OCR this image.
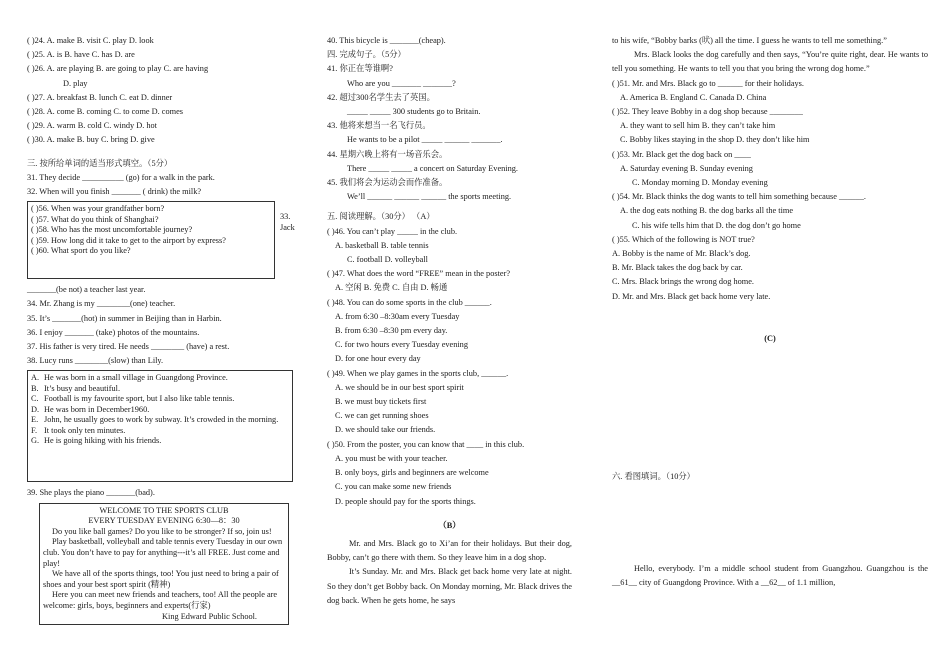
( )24. A. make B. visit C. play D. look
( )25. A. is B. have C. has D. are
( )26. A. are playing B. are going to play C. are having
D. play
( )27. A. breakfast B. lunch C. eat D. dinner
( )28. A. come B. coming C. to come D. comes
( )29. A. warm B. cold C. windy D. hot
( )30. A. make B. buy C. bring D. give
三. 按所给单词的适当形式填空。（5分）
31. They decide __________ (go) for a walk in the park.
32. When will you finish _______ ( drink) the milk?
( )56. When was your grandfather born?
( )57. What do you think of Shanghai?
( )58. Who has the most uncomfortable journey?
( )59. How long did it take to get to the airport by express?
( )60. What sport do you like?
_______(be not) a teacher last year.
34. Mr. Zhang is my ________(one) teacher.
35. It’s _______(hot) in summer in Beijing than in Harbin.
36. I enjoy _______ (take) photos of the mountains.
37. His father is very tired. He needs ________ (have) a rest.
38. Lucy runs ________(slow) than Lily.
A. He was born in a small village in Guangdong Province.
B. It’s busy and beautiful.
C. Football is my favourite sport, but I also like table tennis.
D. He was born in December1960.
E. John, he usually goes to work by subway. It’s crowded in the morning.
F. It took only ten minutes.
G. He is going hiking with his friends.
39. She plays the piano _______(bad).

WELCOME TO THE SPORTS CLUB

EVERY TUESDAY EVENING 6:30—8：30

Do you like ball games? Do you like to be stronger? If so, join us!

Play basketball, volleyball and table tennis every Tuesday in our own club. You don’t have to pay for anything---it’s all FREE. Just come and play!

We have all of the sports things, too! You just need to bring a pair of shoes and your best sport spirit (精神)

Here you can meet new friends and teachers, too! All the people are welcome: girls, boys, beginners and experts(行家)

King Edward Public School.

33.
Jack
40. This bicycle is _______(cheap).
四. 完成句子。（5分）
41. 你正在等谁啊?
Who are you _______ _______?
42. 超过300名学生去了英国。
_____ _____ 300 students go to Britain.
43. 他将来想当一名飞行员。
He wants to be a pilot _____ ______ _______.
44. 星期六晚上将有一场音乐会。
There _____ _____ a concert on Saturday Evening.
45. 我们将会为运动会而作准备。
We’ll ______ ______ ______ the sports meeting.
五. 阅读理解。（30分） （A）
( )46. You can’t play _____ in the club.
A. basketball B. table tennis
C. football D. volleyball
( )47. What does the word “FREE” mean in the poster?
A. 空闲 B. 免费 C. 自由 D. 畅通
( )48. You can do some sports in the club ______.
A. from 6:30 –8:30am every Tuesday
B. from 6:30 –8:30 pm every day.
C. for two hours every Tuesday evening
D. for one hour every day
( )49. When we play games in the sports club, ______.
A. we should be in our best sport spirit
B. we must buy tickets first
C. we can get running shoes
D. we should take our friends.
( )50. From the poster, you can know that ____ in this club.
A. you must be with your teacher.
B. only boys, girls and beginners are welcome
C. you can make some new friends
D. people should pay for the sports things.
（B）
Mr. and Mrs. Black go to Xi’an for their holidays. But their dog, Bobby, can’t go there with them. So they leave him in a dog shop.
It’s Sunday. Mr. and Mrs. Black get back home very late at night. So they don’t get Bobby back. On Monday morning, Mr. Black drives the dog back. When he gets home, he says
to his wife, “Bobby barks (吠) all the time. I guess he wants to tell me something.”
Mrs. Black looks the dog carefully and then says, “You’re quite right, dear. He wants to tell you something. He wants to tell you that you bring the wrong dog home.”
( )51. Mr. and Mrs. Black go to ______ for their holidays.
A. America B. England C. Canada D. China
( )52. They leave Bobby in a dog shop because ________
A. they want to sell him B. they can’t take him
C. Bobby likes staying in the shop D. they don’t like him
( )53. Mr. Black get the dog back on ____
A. Saturday evening B. Sunday evening
C. Monday morning D. Monday evening
( )54. Mr. Black thinks the dog wants to tell him something because ______.
A. the dog eats nothing B. the dog barks all the time
C. his wife tells him that D. the dog don’t go home
( )55. Which of the following is NOT true?
A. Bobby is the name of Mr. Black’s dog.
B. Mr. Black takes the dog back by car.
C. Mrs. Black brings the wrong dog home.
D. Mr. and Mrs. Black get back home very late.
(C)
六. 看图填词。（10分）
Hello, everybody. I’m a middle school student from Guangzhou. Guangzhou is the __61__ city of Guangdong Province. With a __62__ of 1.1 million,
